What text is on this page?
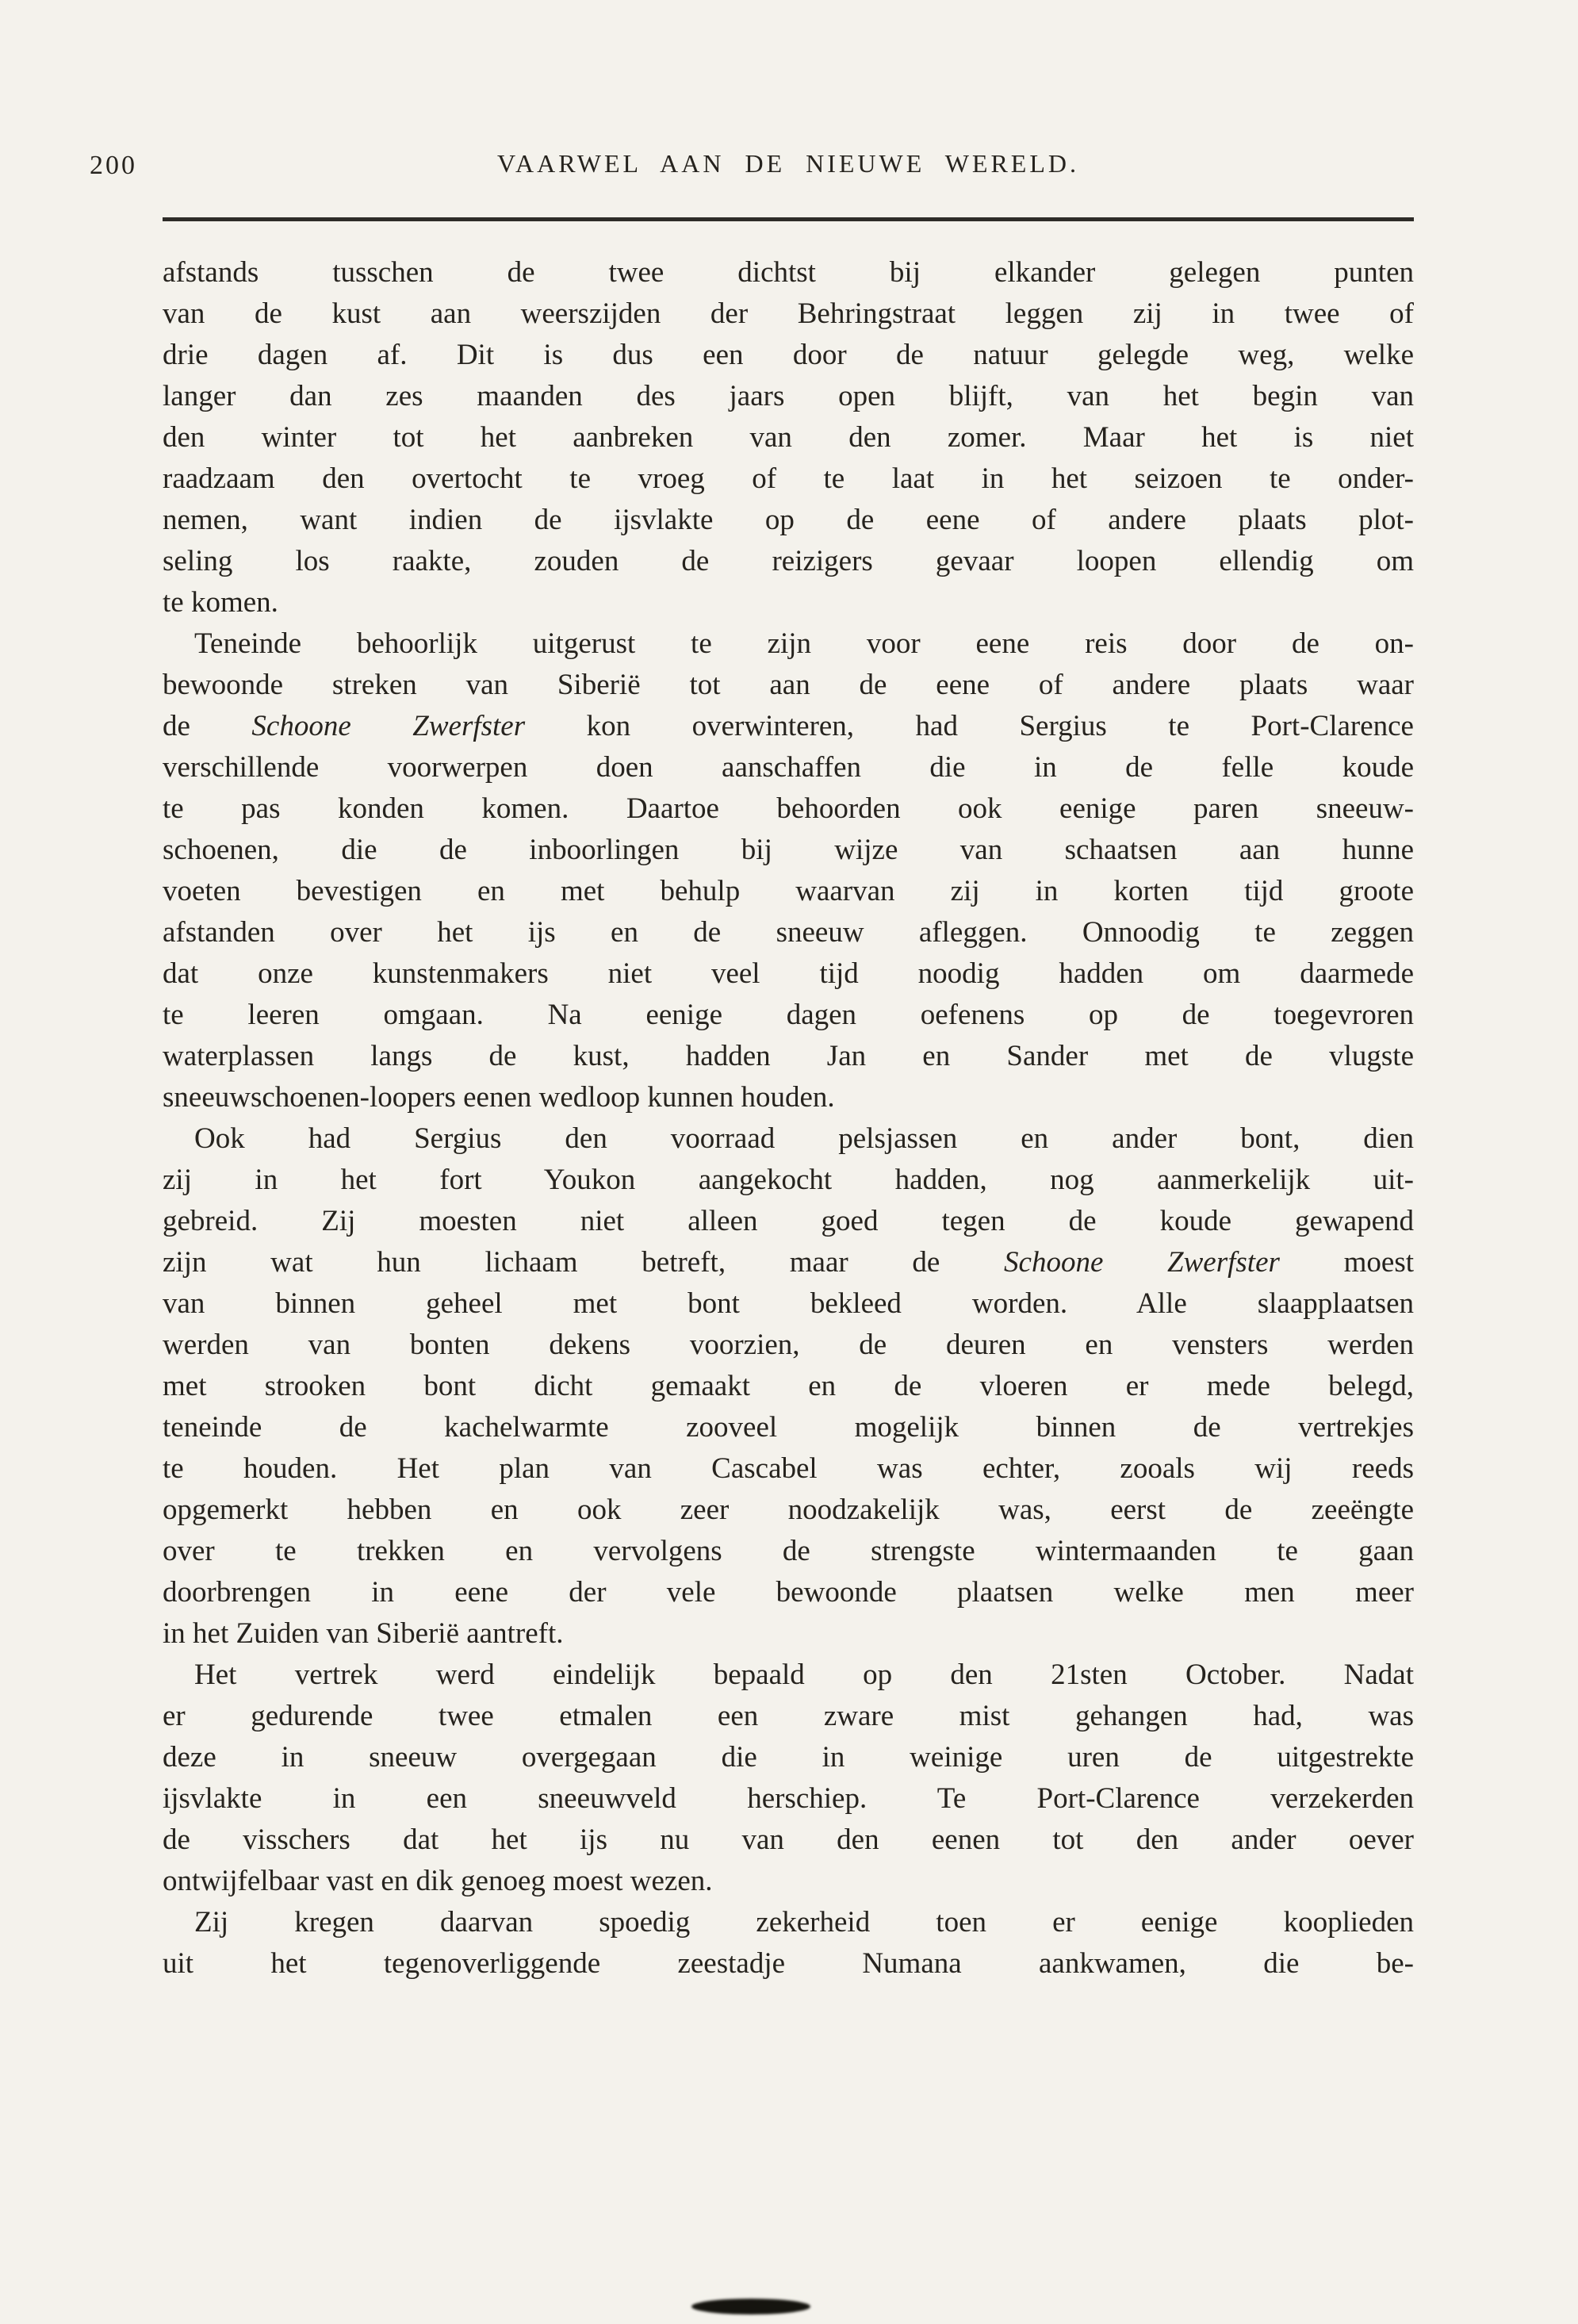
200	VAARWEL AAN DE NIEUWE WERELD.
afstands tusschen de twee dichtst bij elkander gelegen punten
van de kust aan weerszijden der Behringstraat leggen zij in twee of
drie dagen af. Dit is dus een door de natuur gelegde weg, welke
langer dan zes maanden des jaars open blijft, van het begin van
den winter tot het aanbreken van den zomer. Maar het is niet
raadzaam den overtocht te vroeg of te laat in het seizoen te onder-
nemen, want indien de ijsvlakte op de eene of andere plaats plot-
seling los raakte, zouden de reizigers gevaar loopen ellendig om
te komen.
Teneinde behoorlijk uitgerust te zijn voor eene reis door de on-
bewoonde streken van Siberië tot aan de eene of andere plaats waar
de Schoone Zwerfster kon overwinteren, had Sergius te Port-Clarence
verschillende voorwerpen doen aanschaffen die in de felle koude
te pas konden komen. Daartoe behoorden ook eenige paren sneeuw-
schoenen, die de inboorlingen bij wijze van schaatsen aan hunne
voeten bevestigen en met behulp waarvan zij in korten tijd groote
afstanden over het ijs en de sneeuw afleggen. Onnoodig te zeggen
dat onze kunstenmakers niet veel tijd noodig hadden om daarmede
te leeren omgaan. Na eenige dagen oefenens op de toegevroren
waterplassen langs de kust, hadden Jan en Sander met de vlugste
sneeuwschoenen-loopers eenen wedloop kunnen houden.
Ook had Sergius den voorraad pelsjassen en ander bont, dien
zij in het fort Youkon aangekocht hadden, nog aanmerkelijk uit-
gebreid. Zij moesten niet alleen goed tegen de koude gewapend
zijn wat hun lichaam betreft, maar de Schoone Zwerfster moest
van binnen geheel met bont bekleed worden. Alle slaapplaatsen
werden van bonten dekens voorzien, de deuren en vensters werden
met strooken bont dicht gemaakt en de vloeren er mede belegd,
teneinde de kachelwarmte zooveel mogelijk binnen de vertrekjes
te houden. Het plan van Cascabel was echter, zooals wij reeds
opgemerkt hebben en ook zeer noodzakelijk was, eerst de zeeëngte
over te trekken en vervolgens de strengste wintermaanden te gaan
doorbrengen in eene der vele bewoonde plaatsen welke men meer
in het Zuiden van Siberië aantreft.
Het vertrek werd eindelijk bepaald op den 21sten October. Nadat
er gedurende twee etmalen een zware mist gehangen had, was
deze in sneeuw overgegaan die in weinige uren de uitgestrekte
ijsvlakte in een sneeuwveld herschiep. Te Port-Clarence verzekerden
de visschers dat het ijs nu van den eenen tot den ander oever
ontwijfelbaar vast en dik genoeg moest wezen.
Zij kregen daarvan spoedig zekerheid toen er eenige kooplieden
uit het tegenoverliggende zeestadje Numana aankwamen, die be-
